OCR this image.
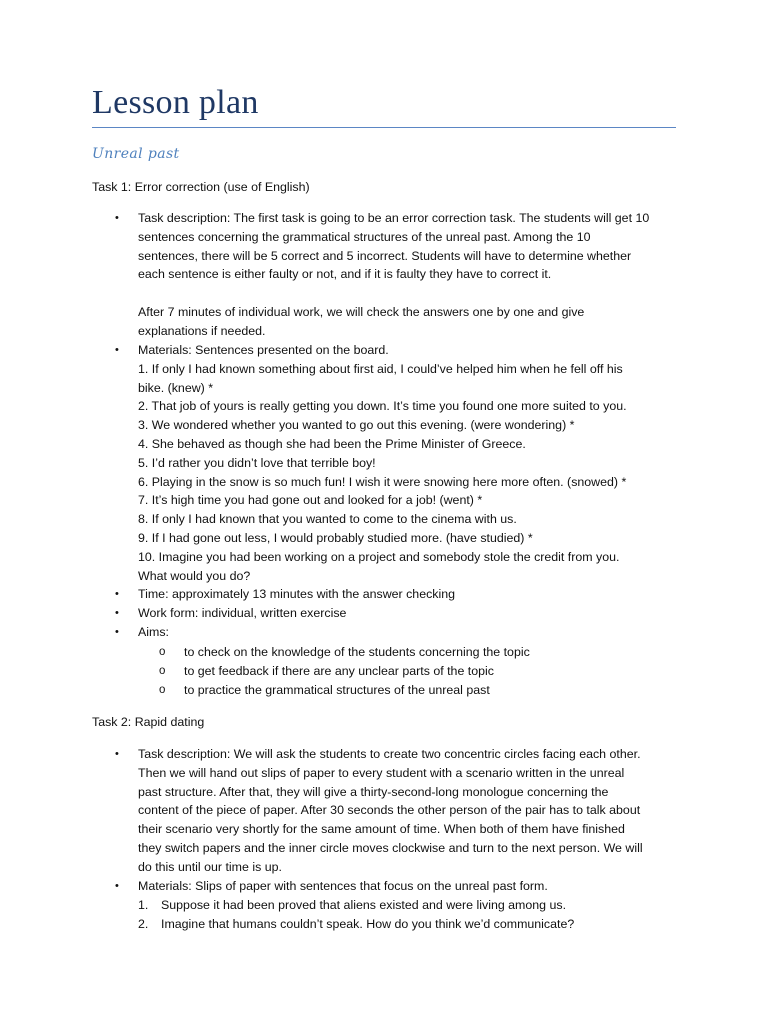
Lesson plan
Unreal past
Task 1: Error correction (use of English)
• Task description: The first task is going to be an error correction task. The students will get 10
sentences concerning the grammatical structures of the unreal past. Among the 10
sentences, there will be 5 correct and 5 incorrect. Students will have to determine whether
each sentence is either faulty or not, and if it is faulty they have to correct it.
After 7 minutes of individual work, we will check the answers one by one and give
explanations if needed.
• Materials: Sentences presented on the board.
1. If only I had known something about first aid, I could’ve helped him when he fell off his
bike. (knew) *
2. That job of yours is really getting you down. It’s time you found one more suited to you.
3. We wondered whether you wanted to go out this evening. (were wondering) *
4. She behaved as though she had been the Prime Minister of Greece.
5. I’d rather you didn’t love that terrible boy!
6. Playing in the snow is so much fun! I wish it were snowing here more often. (snowed) *
7. It’s high time you had gone out and looked for a job! (went) *
8. If only I had known that you wanted to come to the cinema with us.
9. If I had gone out less, I would probably studied more. (have studied) *
10. Imagine you had been working on a project and somebody stole the credit from you.
What would you do?
• Time: approximately 13 minutes with the answer checking
• Work form: individual, written exercise
• Aims:
o to check on the knowledge of the students concerning the topic
o to get feedback if there are any unclear parts of the topic
o to practice the grammatical structures of the unreal past
Task 2: Rapid dating
• Task description: We will ask the students to create two concentric circles facing each other.
Then we will hand out slips of paper to every student with a scenario written in the unreal
past structure. After that, they will give a thirty-second-long monologue concerning the
content of the piece of paper. After 30 seconds the other person of the pair has to talk about
their scenario very shortly for the same amount of time. When both of them have finished
they switch papers and the inner circle moves clockwise and turn to the next person. We will
do this until our time is up.
• Materials: Slips of paper with sentences that focus on the unreal past form.
1. Suppose it had been proved that aliens existed and were living among us.
2. Imagine that humans couldn’t speak. How do you think we’d communicate?
